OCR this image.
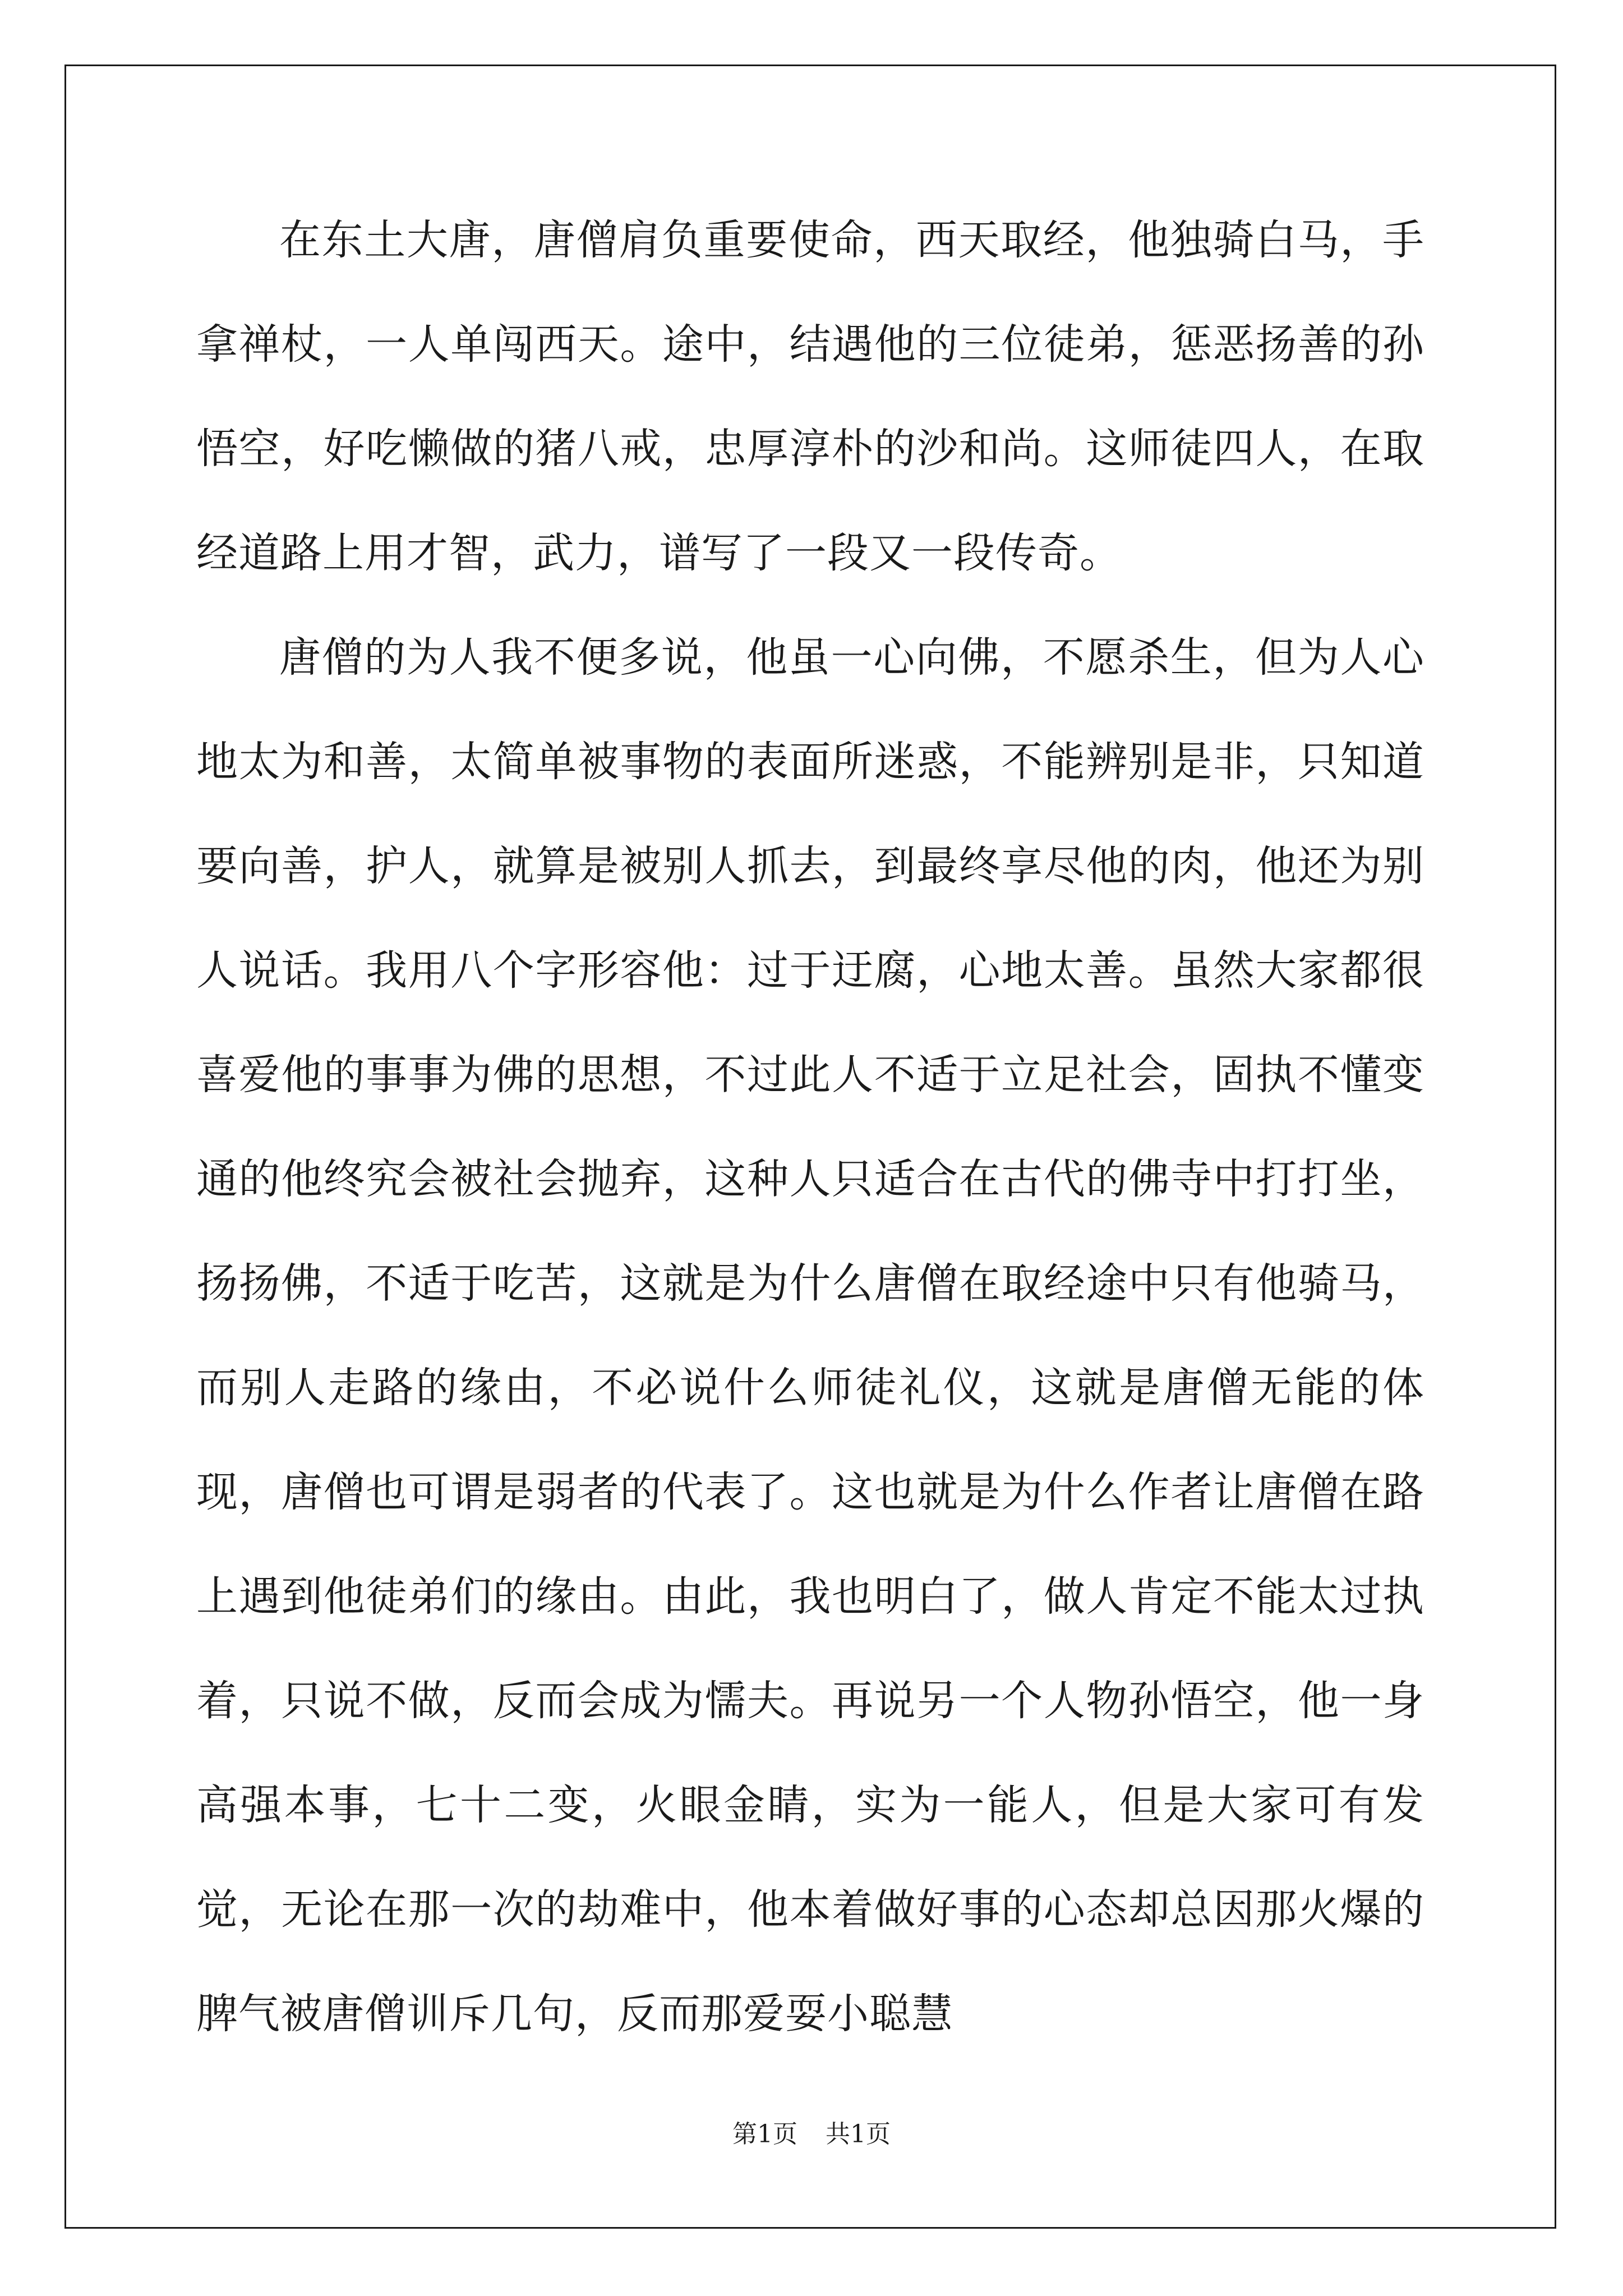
在东土大唐，唐僧肩负重要使命，西天取经，他独骑白马，手拿禅杖，一人单闯西天。途中，结遇他的三位徒弟，惩恶扬善的孙悟空，好吃懒做的猪八戒，忠厚淳朴的沙和尚。这师徒四人，在取经道路上用才智，武力，谱写了一段又一段传奇。

唐僧的为人我不便多说，他虽一心向佛，不愿杀生，但为人心地太为和善，太简单被事物的表面所迷惑，不能辨别是非，只知道要向善，护人，就算是被别人抓去，到最终享尽他的肉，他还为别人说话。我用八个字形容他：过于迂腐，心地太善。虽然大家都很喜爱他的事事为佛的思想，不过此人不适于立足社会，固执不懂变通的他终究会被社会抛弃，这种人只适合在古代的佛寺中打打坐，扬扬佛，不适于吃苦，这就是为什么唐僧在取经途中只有他骑马，而别人走路的缘由，不必说什么师徒礼仪，这就是唐僧无能的体现，唐僧也可谓是弱者的代表了。这也就是为什么作者让唐僧在路上遇到他徒弟们的缘由。由此，我也明白了，做人肯定不能太过执着，只说不做，反而会成为懦夫。再说另一个人物孙悟空，他一身高强本事，七十二变，火眼金睛，实为一能人，但是大家可有发觉，无论在那一次的劫难中，他本着做好事的心态却总因那火爆的脾气被唐僧训斥几句，反而那爱耍小聪慧

第1页 共1页
